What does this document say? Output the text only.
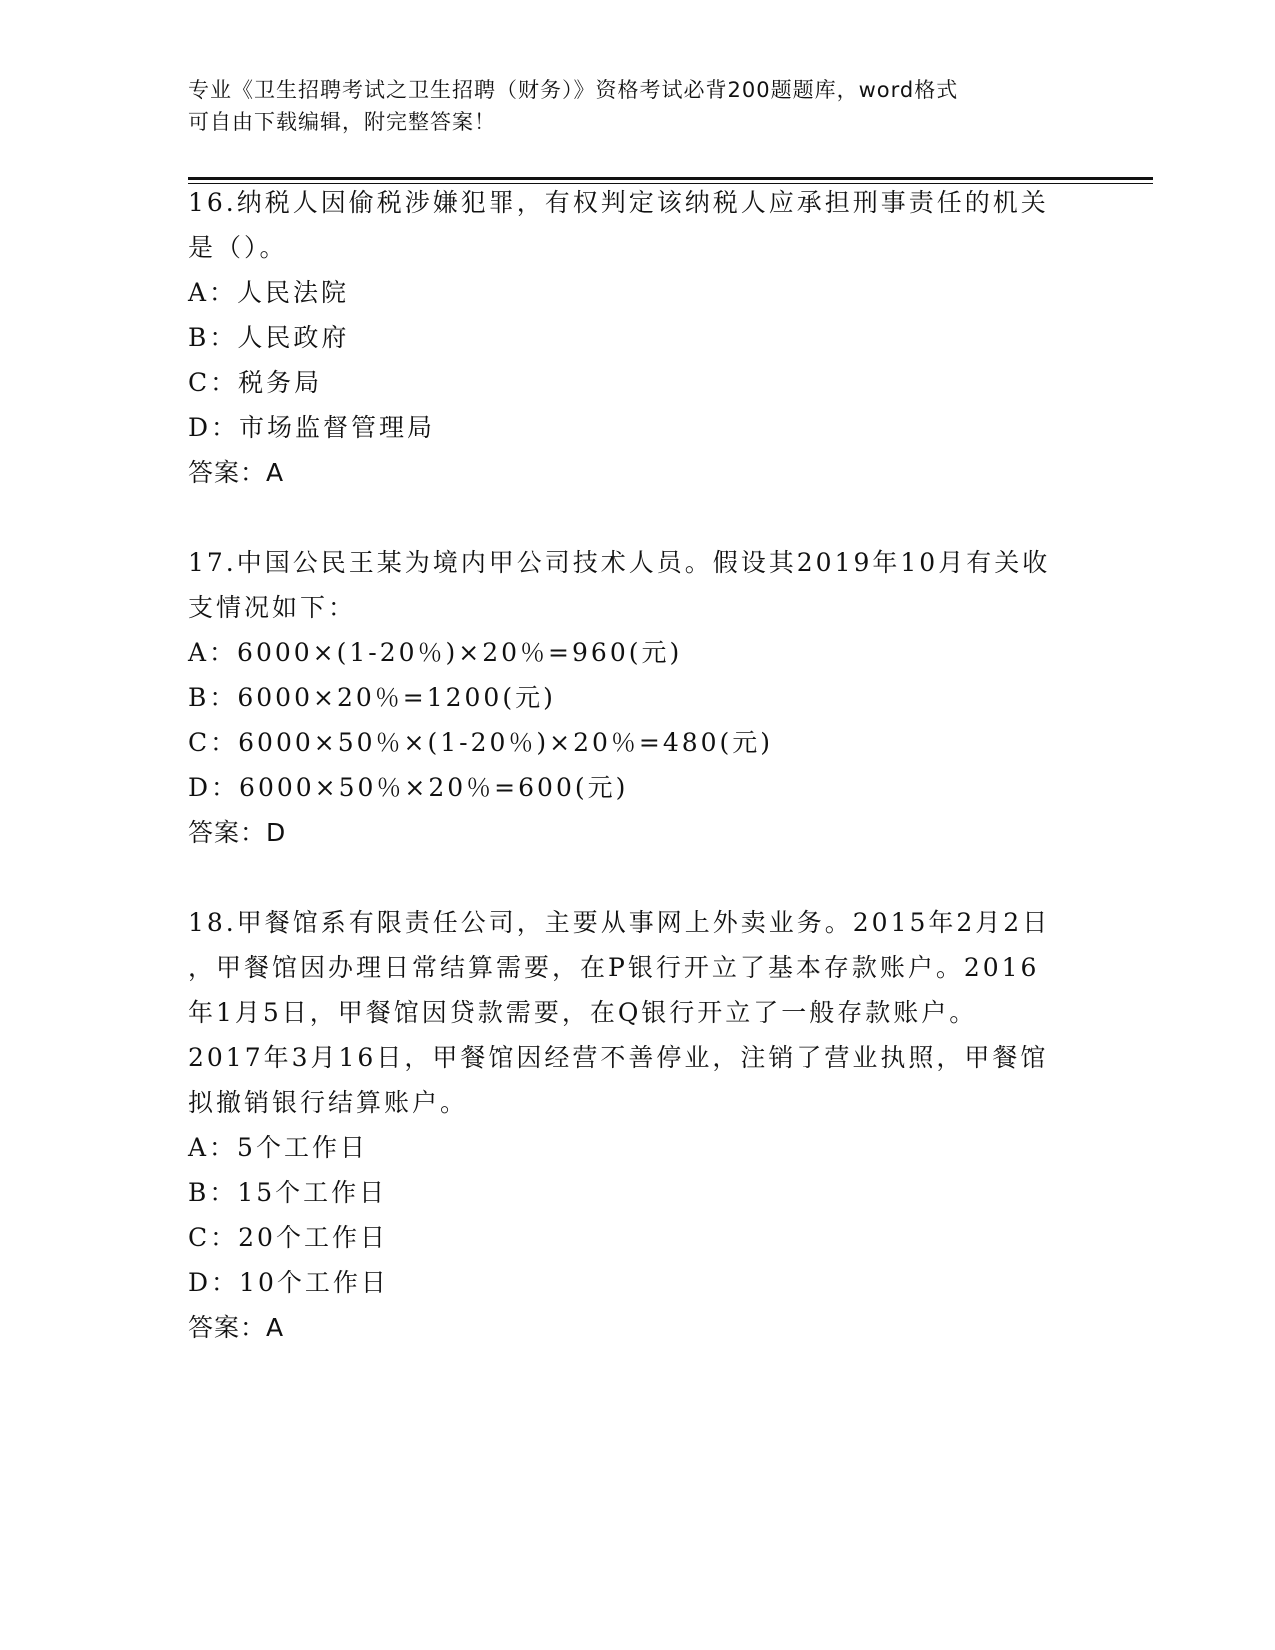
专业《卫生招聘考试之卫生招聘（财务）》资格考试必背200题题库，word格式
可自由下载编辑，附完整答案！
16.纳税人因偷税涉嫌犯罪，有权判定该纳税人应承担刑事责任的机关
是（）。
A：人民法院
B：人民政府
C：税务局
D：市场监督管理局
答案：A
17.中国公民王某为境内甲公司技术人员。假设其2019年10月有关收
支情况如下：
A：6000×(1-20％)×20％=960(元)
B：6000×20％=1200(元)
C：6000×50％×(1-20％)×20％=480(元)
D：6000×50％×20％=600(元)
答案：D
18.甲餐馆系有限责任公司，主要从事网上外卖业务。2015年2月2日
，甲餐馆因办理日常结算需要，在P银行开立了基本存款账户。2016
年1月5日，甲餐馆因贷款需要，在Q银行开立了一般存款账户。
2017年3月16日，甲餐馆因经营不善停业，注销了营业执照，甲餐馆
拟撤销银行结算账户。
A：5个工作日
B：15个工作日
C：20个工作日
D：10个工作日
答案：A
